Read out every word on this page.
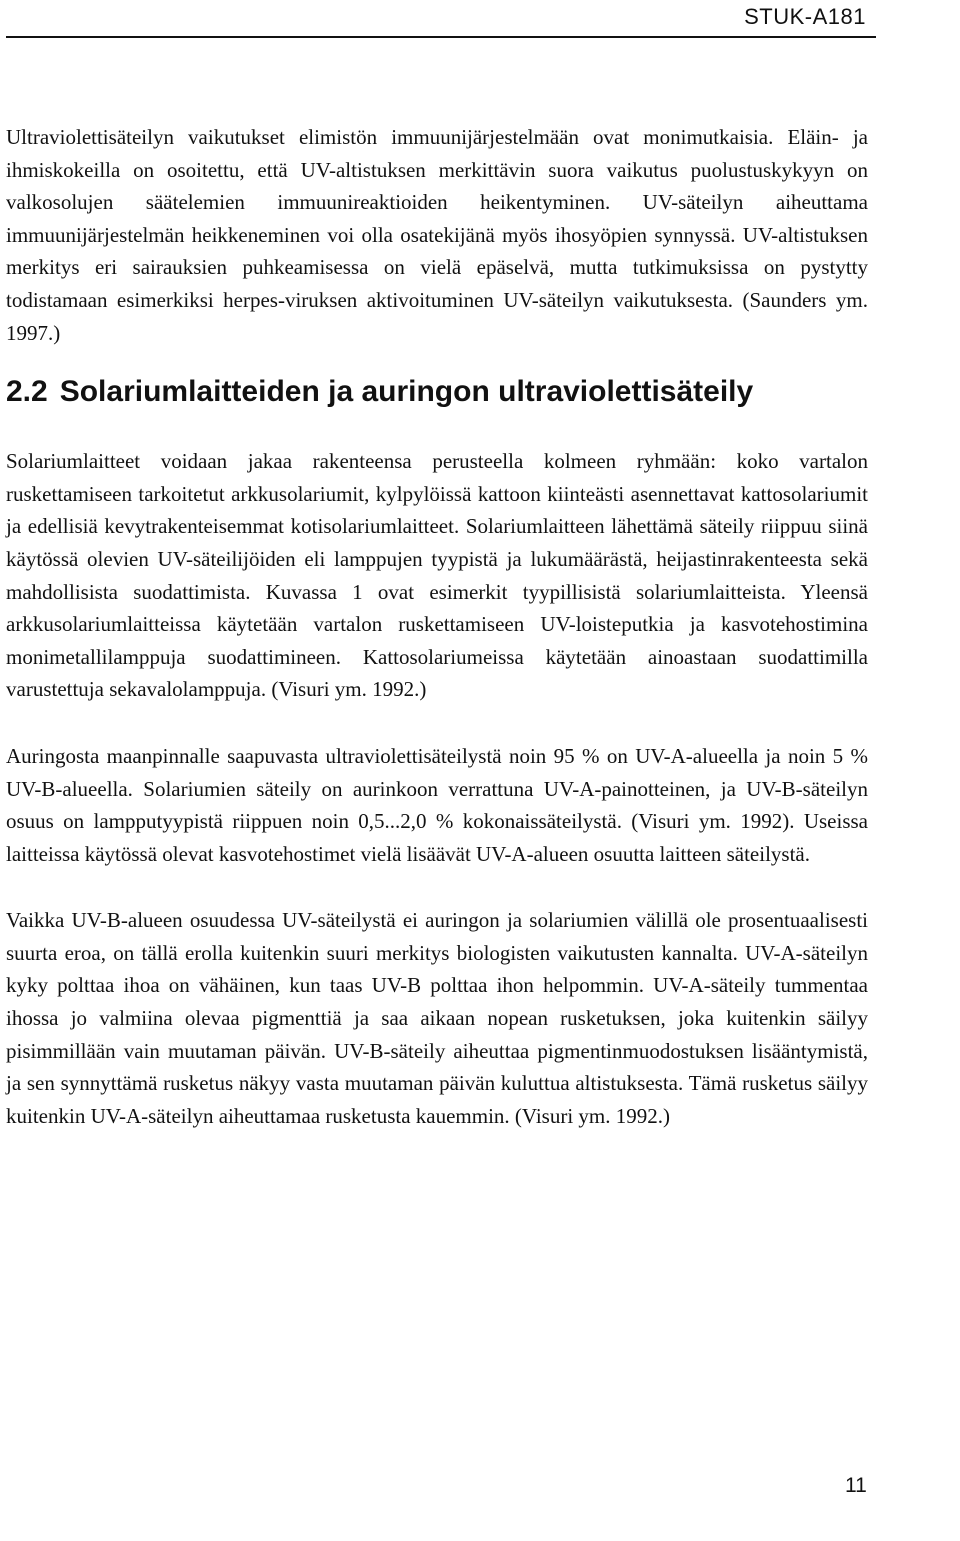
STUK-A181

Ultraviolettisäteilyn vaikutukset elimistön immuunijärjestelmään ovat monimutkaisia. Eläin- ja ihmiskokeilla on osoitettu, että UV-altistuksen merkittävin suora vaikutus puolustuskykyyn on valkosolujen säätelemien immuunireaktioiden heikentyminen. UV-säteilyn aiheuttama immuunijärjestelmän heikkeneminen voi olla osatekijänä myös ihosyöpien synnyssä. UV-altistuksen merkitys eri sairauksien puhkeamisessa on vielä epäselvä, mutta tutkimuksissa on pystytty todistamaan esimerkiksi herpes-viruksen aktivoituminen UV-säteilyn vaikutuksesta. (Saunders ym. 1997.)

2.2 Solariumlaitteiden ja auringon ultraviolettisäteily

Solariumlaitteet voidaan jakaa rakenteensa perusteella kolmeen ryhmään: koko vartalon ruskettamiseen tarkoitetut arkkusolariumit, kylpylöissä kattoon kiinteästi asennettavat kattosolariumit ja edellisiä kevytrakenteisemmat kotisolariumlaitteet. Solariumlaitteen lähettämä säteily riippuu siinä käytössä olevien UV-säteilijöiden eli lamppujen tyypistä ja lukumäärästä, heijastinrakenteesta sekä mahdollisista suodattimista. Kuvassa 1 ovat esimerkit tyypillisistä solariumlaitteista. Yleensä arkkusolariumlaitteissa käytetään vartalon ruskettamiseen UV-loisteputkia ja kasvotehostimina monimetallilamppuja suodattimineen. Kattosolariumeissa käytetään ainoastaan suodattimilla varustettuja sekavalolamppuja. (Visuri ym. 1992.)

Auringosta maanpinnalle saapuvasta ultraviolettisäteilystä noin 95 % on UV-A-alueella ja noin 5 % UV-B-alueella. Solariumien säteily on aurinkoon verrattuna UV-A-painotteinen, ja UV-B-säteilyn osuus on lampputyypistä riippuen noin 0,5...2,0 % kokonaissäteilystä. (Visuri ym. 1992). Useissa laitteissa käytössä olevat kasvotehostimet vielä lisäävät UV-A-alueen osuutta laitteen säteilystä.

Vaikka UV-B-alueen osuudessa UV-säteilystä ei auringon ja solariumien välillä ole prosentuaalisesti suurta eroa, on tällä erolla kuitenkin suuri merkitys biologisten vaikutusten kannalta. UV-A-säteilyn kyky polttaa ihoa on vähäinen, kun taas UV-B polttaa ihon helpommin. UV-A-säteily tummentaa ihossa jo valmiina olevaa pigmenttiä ja saa aikaan nopean rusketuksen, joka kuitenkin säilyy pisimmillään vain muutaman päivän. UV-B-säteily aiheuttaa pigmentinmuodostuksen lisääntymistä, ja sen synnyttämä rusketus näkyy vasta muutaman päivän kuluttua altistuksesta. Tämä rusketus säilyy kuitenkin UV-A-säteilyn aiheuttamaa rusketusta kauemmin. (Visuri ym. 1992.)

11
